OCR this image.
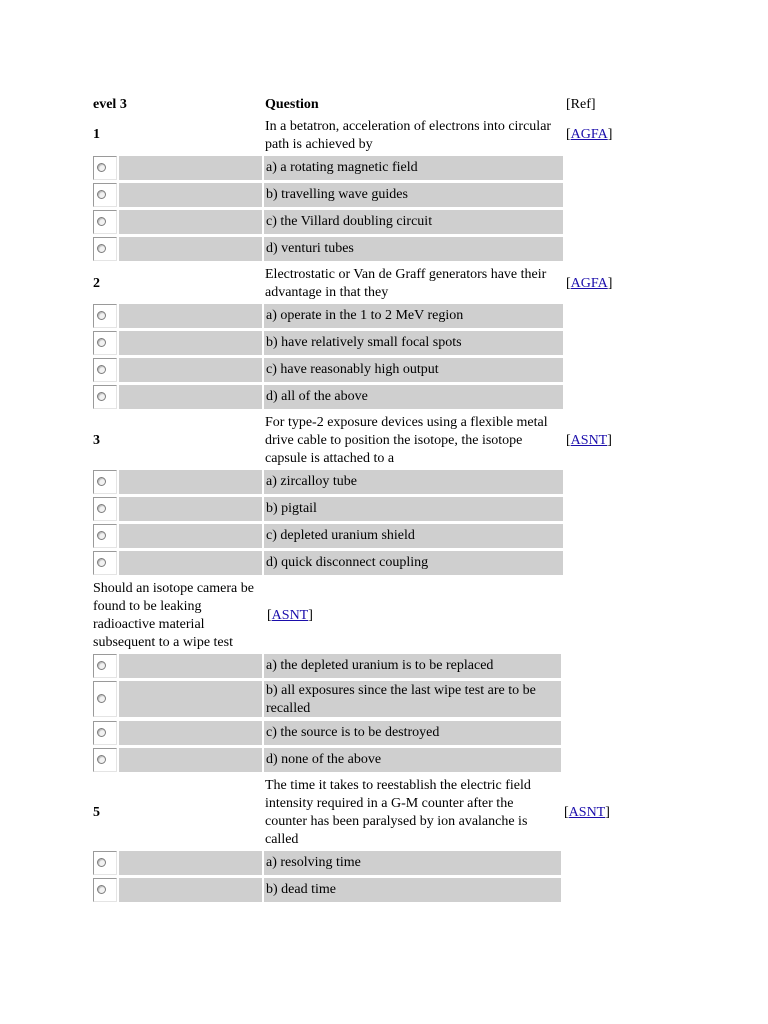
evel 3	Question	[Ref]
1
In a betatron, acceleration of electrons into circular path is achieved by
[AGFA]
a) a rotating magnetic field
b) travelling wave guides
c) the Villard doubling circuit
d) venturi tubes
2
Electrostatic or Van de Graff generators have their advantage in that they
[AGFA]
a) operate in the 1 to 2 MeV region
b) have relatively small focal spots
c) have reasonably high output
d) all of the above
3
For type-2 exposure devices using a flexible metal drive cable to position the isotope, the isotope capsule is attached to a
[ASNT]
a) zircalloy tube
b) pigtail
c) depleted uranium shield
d) quick disconnect coupling
Should an isotope camera be found to be leaking radioactive material subsequent to a wipe test
[ASNT]
a) the depleted uranium is to be replaced
b) all exposures since the last wipe test are to be recalled
c) the source is to be destroyed
d) none of the above
5
The time it takes to reestablish the electric field intensity required in a G-M counter after the counter has been paralysed by ion avalanche is called
[ASNT]
a) resolving time
b) dead time
